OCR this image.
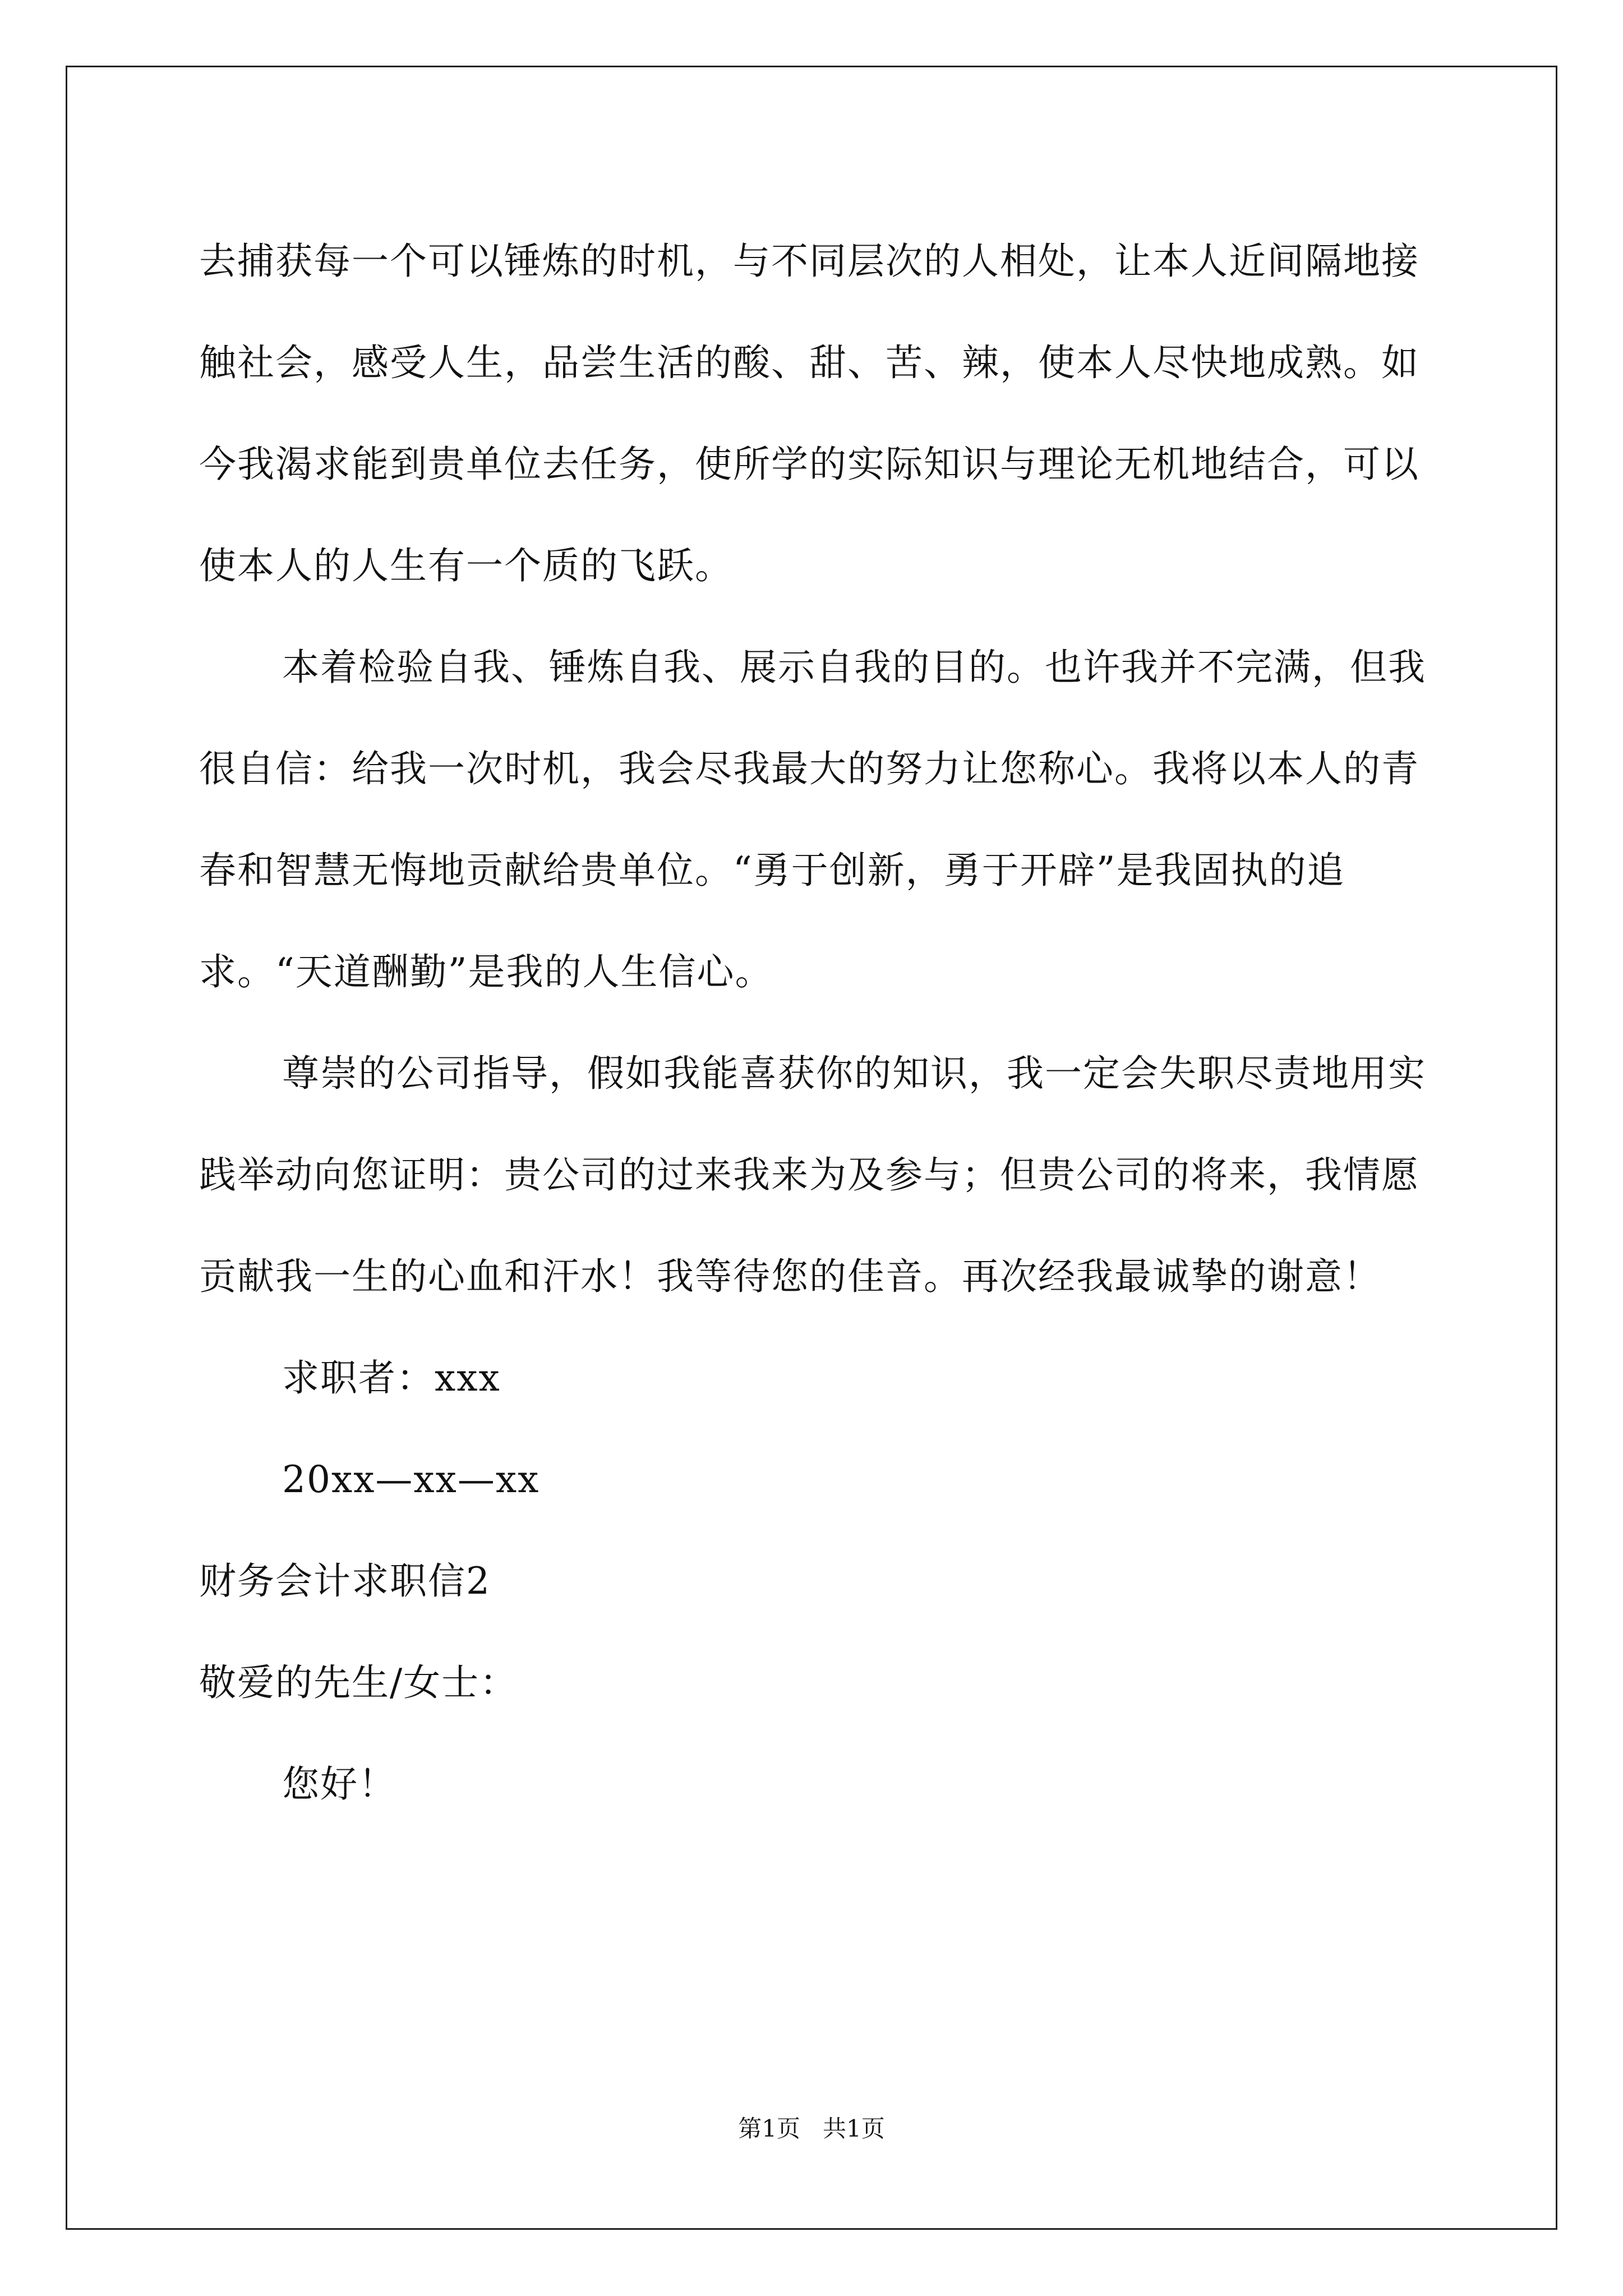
去捕获每一个可以锤炼的时机，与不同层次的人相处，让本人近间隔地接触社会，感受人生，品尝生活的酸、甜、苦、辣，使本人尽快地成熟。如今我渴求能到贵单位去任务，使所学的实际知识与理论无机地结合，可以使本人的人生有一个质的飞跃。

本着检验自我、锤炼自我、展示自我的目的。也许我并不完满，但我很自信：给我一次时机，我会尽我最大的努力让您称心。我将以本人的青春和智慧无悔地贡献给贵单位。“勇于创新，勇于开辟”是我固执的追求。“天道酬勤”是我的人生信心。

尊崇的公司指导，假如我能喜获你的知识，我一定会失职尽责地用实践举动向您证明：贵公司的过来我来为及参与；但贵公司的将来，我情愿贡献我一生的心血和汗水！我等待您的佳音。再次经我最诚挚的谢意！

求职者：xxx

20xx—xx—xx

财务会计求职信2

敬爱的先生/女士：

您好！

第1页 共1页
